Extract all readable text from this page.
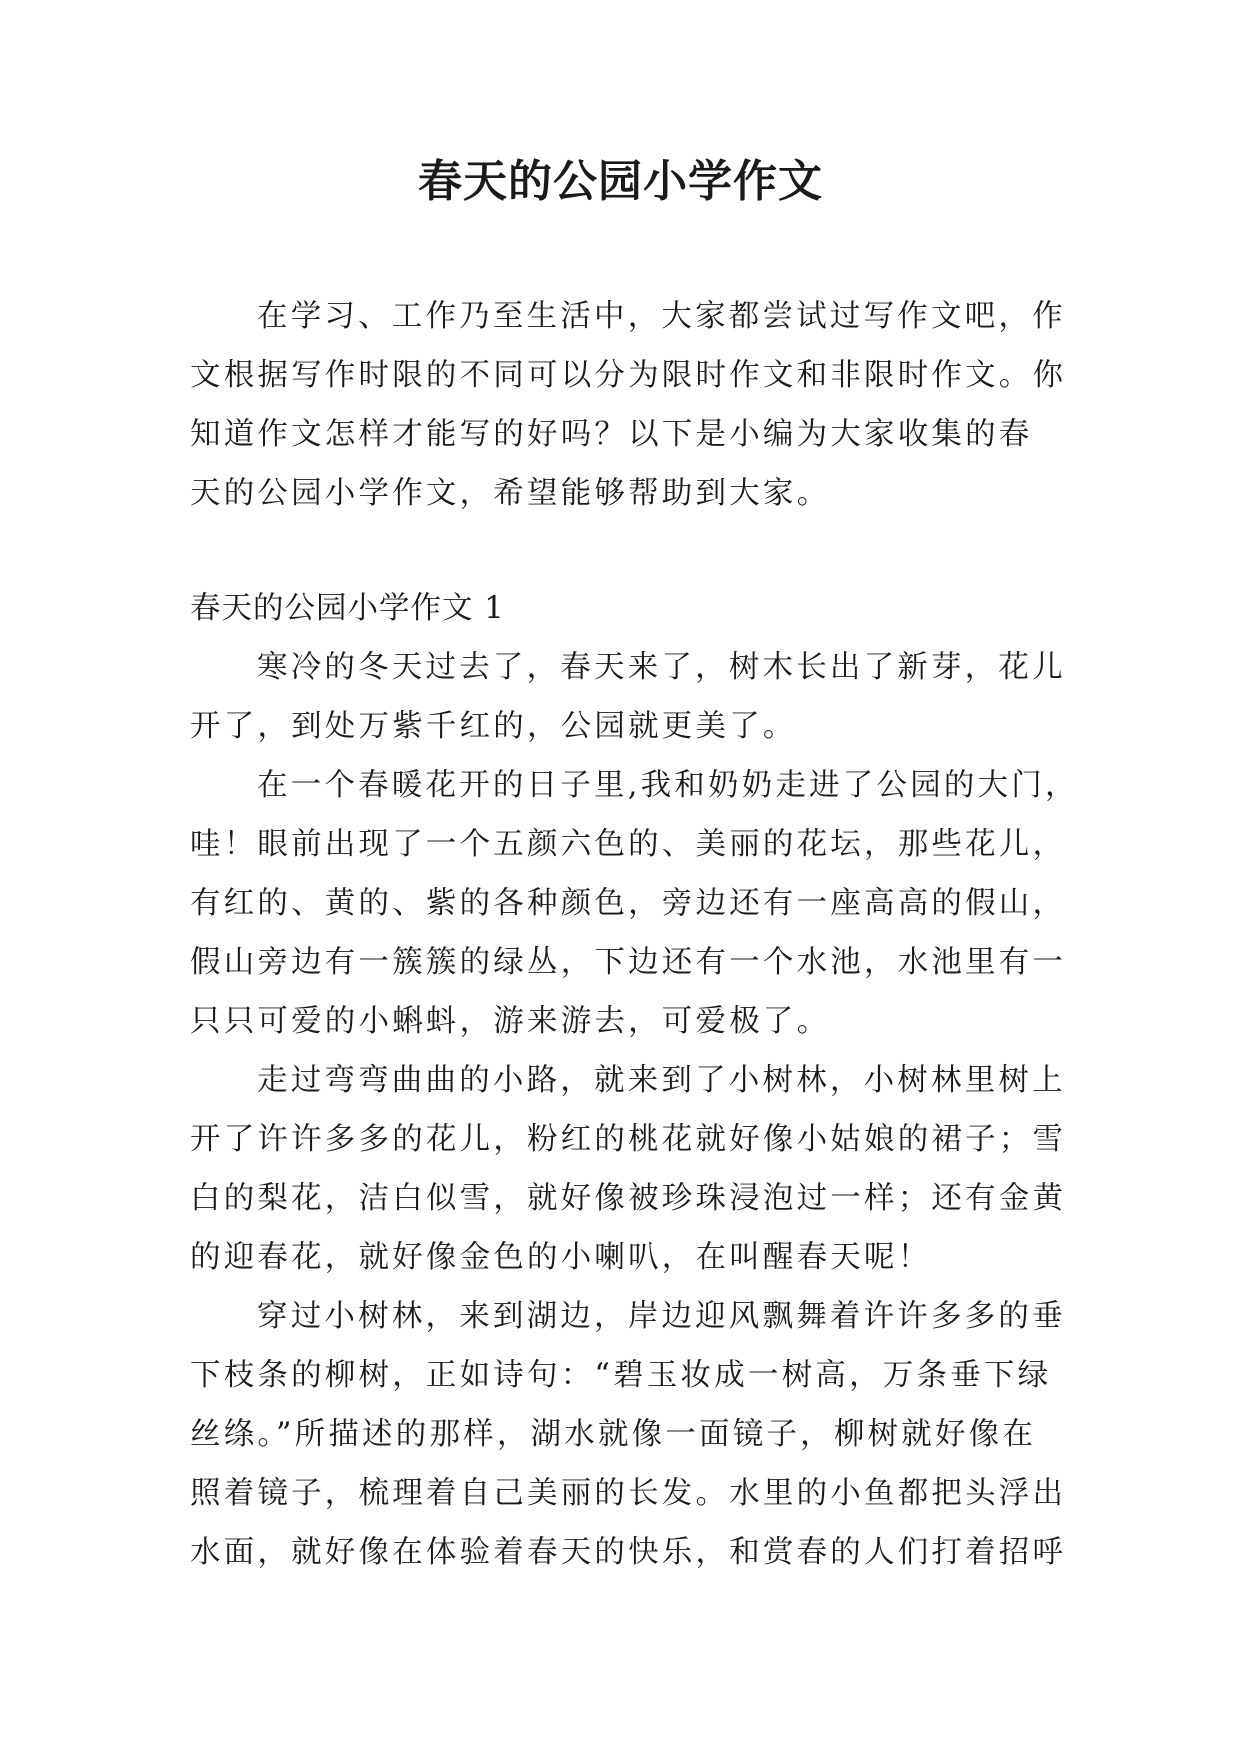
春天的公园小学作文
在学习、工作乃至生活中，大家都尝试过写作文吧，作
文根据写作时限的不同可以分为限时作文和非限时作文。你
知道作文怎样才能写的好吗？以下是小编为大家收集的春
天的公园小学作文，希望能够帮助到大家。
春天的公园小学作文 1
寒冷的冬天过去了，春天来了，树木长出了新芽，花儿
开了，到处万紫千红的，公园就更美了。
在一个春暖花开的日子里,我和奶奶走进了公园的大门，
哇！眼前出现了一个五颜六色的、美丽的花坛，那些花儿，
有红的、黄的、紫的各种颜色，旁边还有一座高高的假山，
假山旁边有一簇簇的绿丛，下边还有一个水池，水池里有一
只只可爱的小蝌蚪，游来游去，可爱极了。
走过弯弯曲曲的小路，就来到了小树林，小树林里树上
开了许许多多的花儿，粉红的桃花就好像小姑娘的裙子；雪
白的梨花，洁白似雪，就好像被珍珠浸泡过一样；还有金黄
的迎春花，就好像金色的小喇叭，在叫醒春天呢！
穿过小树林，来到湖边，岸边迎风飘舞着许许多多的垂
下枝条的柳树，正如诗句：“碧玉妆成一树高，万条垂下绿
丝绦。”所描述的那样，湖水就像一面镜子，柳树就好像在
照着镜子，梳理着自己美丽的长发。水里的小鱼都把头浮出
水面，就好像在体验着春天的快乐，和赏春的人们打着招呼
